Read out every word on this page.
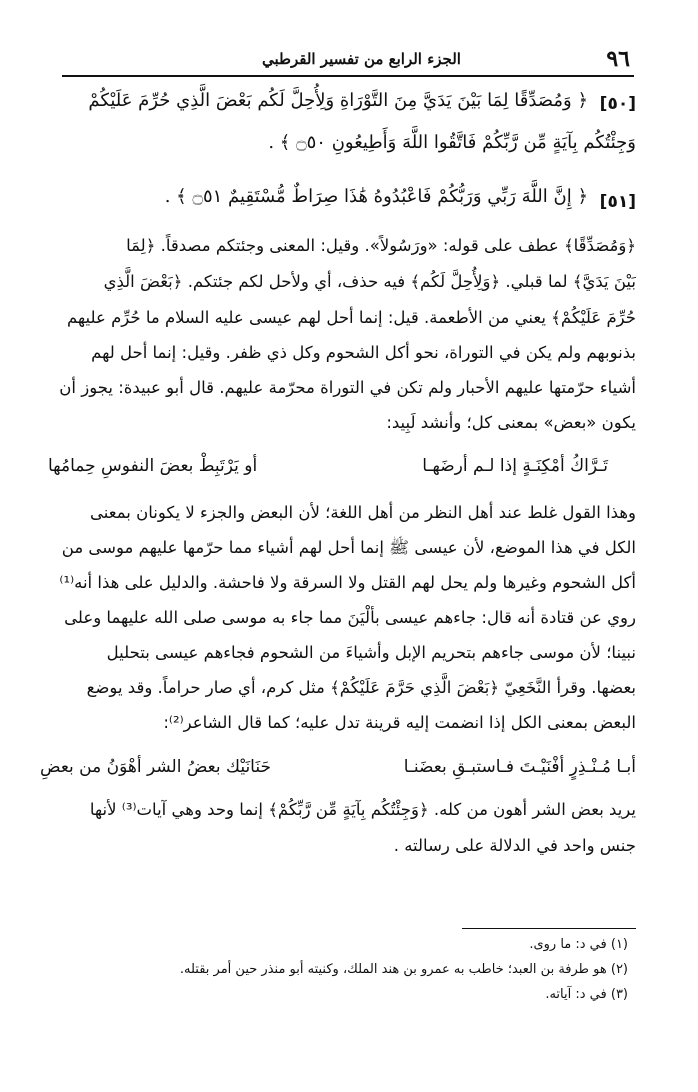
٩٦
الجزء الرابع من تفسير القرطبي
[٥٠]
﴿ وَمُصَدِّقًا لِمَا بَيْنَ يَدَيَّ مِنَ التَّوْرَاةِ وَلِأُحِلَّ لَكُم بَعْضَ الَّذِي حُرِّمَ عَلَيْكُمْ
وَجِئْتُكُم بِآيَةٍ مِّن رَّبِّكُمْ فَاتَّقُوا اللَّهَ وَأَطِيعُونِ ۝٥٠ ﴾ .
[٥١]
﴿ إِنَّ اللَّهَ رَبِّي وَرَبُّكُمْ فَاعْبُدُوهُ هَٰذَا صِرَاطٌ مُّسْتَقِيمٌ ۝٥١ ﴾ .
﴿وَمُصَدِّقًا﴾ عطف على قوله: «ورَسُولاً». وقيل: المعنى وجئتكم مصدقاً. ﴿لِمَا
بَيْنَ يَدَيَّ﴾ لما قبلي. ﴿وَلِأُحِلَّ لَكُم﴾ فيه حذف، أي ولأحل لكم جئتكم. ﴿بَعْضَ الَّذِي
حُرِّمَ عَلَيْكُمْ﴾ يعني من الأطعمة. قيل: إنما أحل لهم عيسى عليه السلام ما حُرِّم عليهم
بذنوبهم ولم يكن في التوراة، نحو أكل الشحوم وكل ذي ظفر. وقيل: إنما أحل لهم
أشياء حرّمتها عليهم الأحبار ولم تكن في التوراة محرّمة عليهم. قال أبو عبيدة: يجوز أن
يكون «بعض» بمعنى كل؛ وأنشد لَبِيد:
تَـرَّاكُ أمْكِنَـةٍ إذا لـم أرضَهـا
أو يَرْتَبِطْ بعضَ النفوسِ حِمامُها
وهذا القول غلط عند أهل النظر من أهل اللغة؛ لأن البعض والجزء لا يكونان بمعنى
الكل في هذا الموضع، لأن عيسى ﷺ إنما أحل لهم أشياء مما حرّمها عليهم موسى من
أكل الشحوم وغيرها ولم يحل لهم القتل ولا السرقة ولا فاحشة. والدليل على هذا أنه⁽¹⁾
روي عن قتادة أنه قال: جاءهم عيسى بألْيَنَ مما جاء به موسى صلى الله عليهما وعلى
نبينا؛ لأن موسى جاءهم بتحريم الإبل وأشياءَ من الشحوم فجاءهم عيسى بتحليل
بعضها. وقرأ النَّخَعِيّ ﴿بَعْضَ الَّذِي حَرَّمَ عَلَيْكُمْ﴾ مثل كرم، أي صار حراماً. وقد يوضع
البعض بمعنى الكل إذا انضمت إليه قرينة تدل عليه؛ كما قال الشاعر⁽²⁾:
أبـا مُـنْـذِرٍ أفْنَيْـتَ فـاستبـقِ بعضَنـا
حَنَانَيْك بعضُ الشر أهْوَنُ من بعضِ
يريد بعض الشر أهون من كله. ﴿وَجِئْتُكُم بِآيَةٍ مِّن رَّبِّكُمْ﴾ إنما وحد وهي آيات⁽³⁾ لأنها
جنس واحد في الدلالة على رسالته .
(١) في د: ما روى.
(٢) هو طرفة بن العبد؛ خاطب به عمرو بن هند الملك، وكنيته أبو منذر حين أمر بقتله.
(٣) في د: آياته.
